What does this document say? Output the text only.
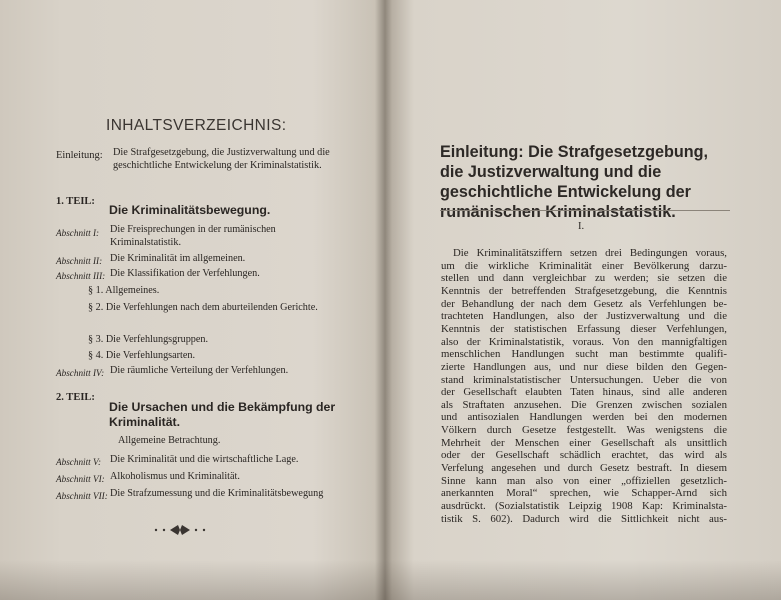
INHALTSVERZEICHNIS:
Einleitung: Die Strafgesetzgebung, die Justizverwaltung und die geschichtliche Entwickelung der Kriminalstatistik.
1. TEIL:
Die Kriminalitätsbewegung.
Abschnitt I: Die Freisprechungen in der rumänischen Kriminalstatistik.
Abschnitt II: Die Kriminalität im allgemeinen.
Abschnitt III: Die Klassifikation der Verfehlungen.
§ 1. Allgemeines.
§ 2. Die Verfehlungen nach dem aburteilenden Gerichte.
§ 3. Die Verfehlungsgruppen.
§ 4. Die Verfehlungsarten.
Abschnitt IV: Die räumliche Verteilung der Verfehlungen.
2. TEIL:
Die Ursachen und die Bekämpfung der Kriminalität.
Allgemeine Betrachtung.
Abschnitt V: Die Kriminalität und die wirtschaftliche Lage.
Abschnitt VI: Alkoholismus und Kriminalität.
Abschnitt VII: Die Strafzumessung und die Kriminalitätsbewegung
Einleitung: Die Strafgesetzgebung, die Justizverwaltung und die geschichtliche Entwickelung der rumänischen Kriminalstatistik.
I.
Die Kriminalitätsziffern setzen drei Bedingungen voraus,
um die wirkliche Kriminalität einer Bevölkerung darzu-
stellen und dann vergleichbar zu werden; sie setzen die
Kenntnis der betreffenden Strafgesetzgebung, die Kenntnis
der Behandlung der nach dem Gesetz als Verfehlungen be-
trachteten Handlungen, also der Justizverwaltung und die
Kenntnis der statistischen Erfassung dieser Verfehlungen,
also der Kriminalstatistik, voraus. Von den mannigfaltigen
menschlichen Handlungen sucht man bestimmte qualifi-
zierte Handlungen aus, und nur diese bilden den Gegen-
stand kriminalstatistischer Untersuchungen. Ueber die von
der Gesellschaft elaubten Taten hinaus, sind alle anderen
als Straftaten anzusehen. Die Grenzen zwischen sozialen
und antisozialen Handlungen werden bei den modernen
Völkern durch Gesetze festgestellt. Was wenigstens die
Mehrheit der Menschen einer Gesellschaft als unsittlich
oder der Gesellschaft schädlich erachtet, das wird als
Verfelung angesehen und durch Gesetz bestraft. In diesem
Sinne kann man also von einer „offiziellen gesetzlich-
anerkannten Moral“ sprechen, wie Schapper-Arnd sich
ausdrückt. (Sozialstatistik Leipzig 1908 Kap: Kriminalsta-
tistik S. 602). Dadurch wird die Sittlichkeit nicht aus-
